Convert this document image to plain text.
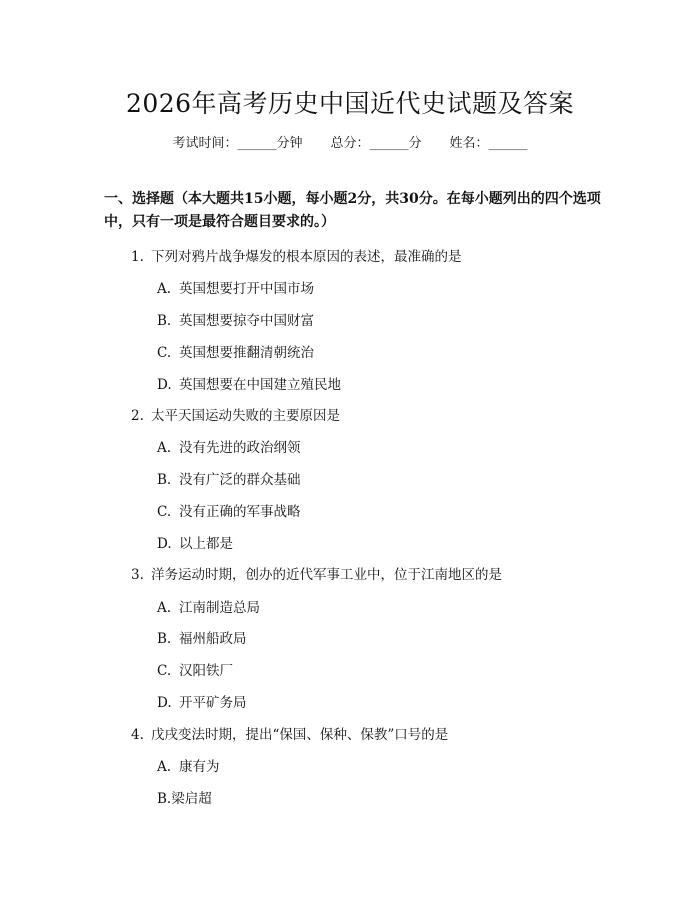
2026年高考历史中国近代史试题及答案
考试时间：______分钟 总分：______分 姓名：______
一、选择题（本大题共15小题，每小题2分，共30分。在每小题列出的四个选项中，只有一项是最符合题目要求的。）
1. 下列对鸦片战争爆发的根本原因的表述，最准确的是
A. 英国想要打开中国市场
B. 英国想要掠夺中国财富
C. 英国想要推翻清朝统治
D. 英国想要在中国建立殖民地
2. 太平天国运动失败的主要原因是
A. 没有先进的政治纲领
B. 没有广泛的群众基础
C. 没有正确的军事战略
D. 以上都是
3. 洋务运动时期，创办的近代军事工业中，位于江南地区的是
A. 江南制造总局
B. 福州船政局
C. 汉阳铁厂
D. 开平矿务局
4. 戊戌变法时期，提出“保国、保种、保教”口号的是
A. 康有为
B.梁启超
